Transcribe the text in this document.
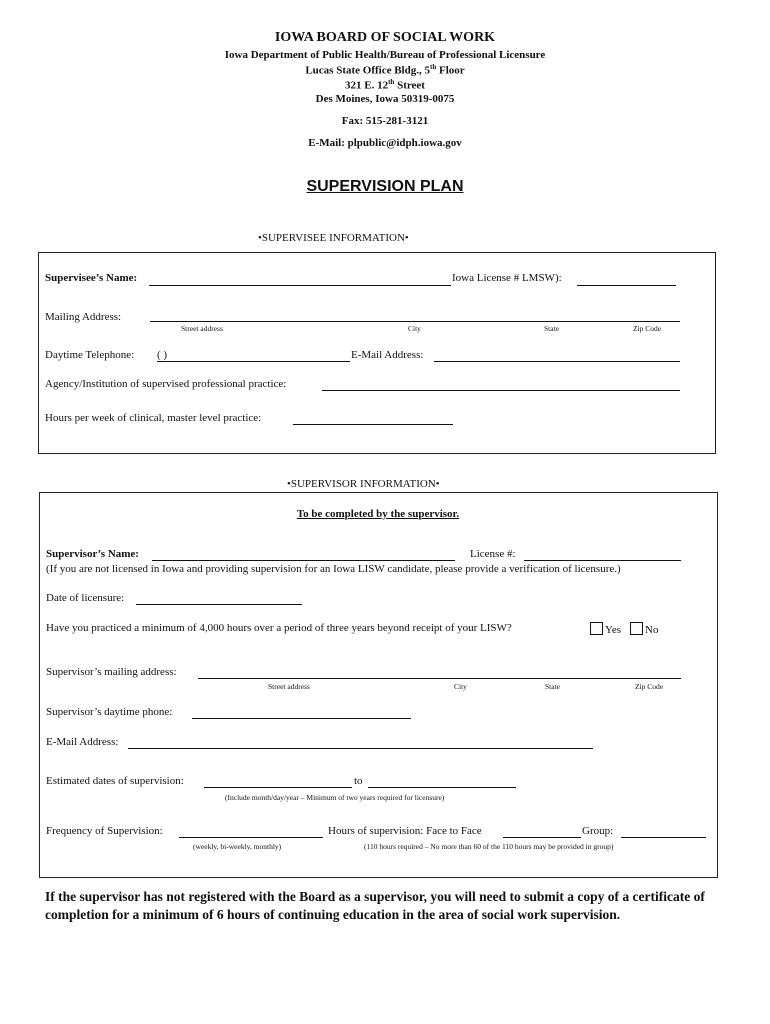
IOWA BOARD OF SOCIAL WORK
Iowa Department of Public Health/Bureau of Professional Licensure
Lucas State Office Bldg., 5th Floor
321 E. 12th Street
Des Moines, Iowa 50319-0075
Fax: 515-281-3121
E-Mail: plpublic@idph.iowa.gov
SUPERVISION PLAN
•SUPERVISEE INFORMATION•
Supervisee’s Name:	Iowa License # LMSW):
Mailing Address:
Street address	City	State	Zip Code
Daytime Telephone: ( )	E-Mail Address:
Agency/Institution of supervised professional practice:
Hours per week of clinical, master level practice:
•SUPERVISOR INFORMATION•
To be completed by the supervisor.
Supervisor’s Name:	License #:
(If you are not licensed in Iowa and providing supervision for an Iowa LISW candidate, please provide a verification of licensure.)
Date of licensure:
Have you practiced a minimum of 4,000 hours over a period of three years beyond receipt of your LISW?	Yes	No
Supervisor’s mailing address:
Street address	City	State	Zip Code
Supervisor’s daytime phone:
E-Mail Address:
Estimated dates of supervision:	to
(Include month/day/year – Minimum of two years required for licensure)
Frequency of Supervision:	Hours of supervision: Face to Face	Group:
(weekly, bi-weekly, monthly)	(110 hours required – No more than 60 of the 110 hours may be provided in group)
If the supervisor has not registered with the Board as a supervisor, you will need to submit a copy of a certificate of completion for a minimum of 6 hours of continuing education in the area of social work supervision.
